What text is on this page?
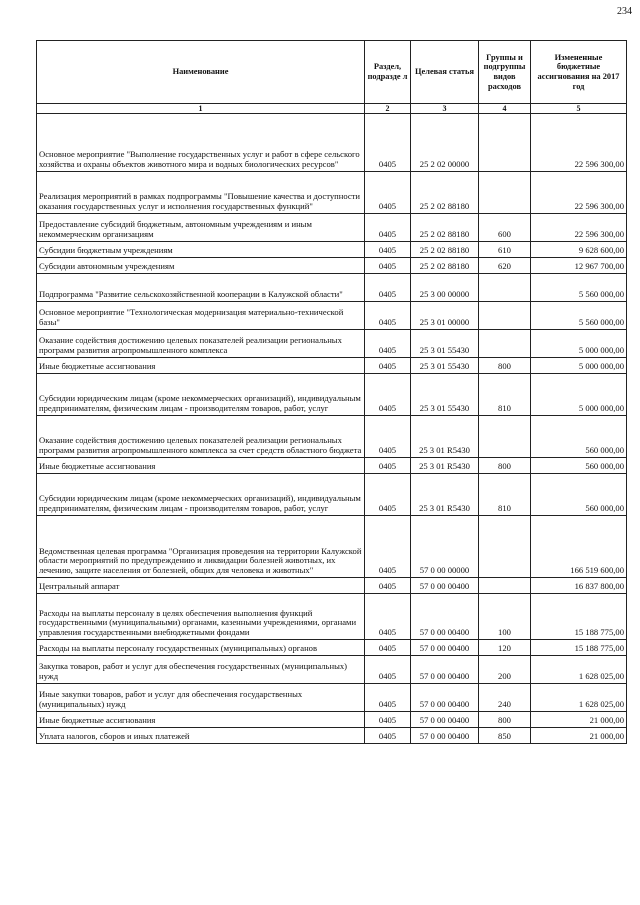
234
Наименование	Раздел, подразде л	Целевая статья	Группы и подгруппы видов расходов	Измененные бюджетные ассигнования на 2017 год
1	2	3	4	5
Основное мероприятие "Выполнение государственных услуг и работ в сфере сельского хозяйства и охраны объектов животного мира и водных биологических ресурсов"	0405	25 2 02 00000		22 596 300,00
Реализация мероприятий в рамках подпрограммы "Повышение качества и доступности оказания государственных услуг и исполнения государственных функций"	0405	25 2 02 88180		22 596 300,00
Предоставление субсидий бюджетным, автономным учреждениям и иным некоммерческим организациям	0405	25 2 02 88180	600	22 596 300,00
Субсидии бюджетным учреждениям	0405	25 2 02 88180	610	9 628 600,00
Субсидии автономным учреждениям	0405	25 2 02 88180	620	12 967 700,00
Подпрограмма "Развитие сельскохозяйственной кооперации в Калужской области"	0405	25 3 00 00000		5 560 000,00
Основное мероприятие "Технологическая модернизация материально-технической базы"	0405	25 3 01 00000		5 560 000,00
Оказание содействия достижению целевых показателей реализации региональных программ развития агропромышленного комплекса	0405	25 3 01 55430		5 000 000,00
Иные бюджетные ассигнования	0405	25 3 01 55430	800	5 000 000,00
Субсидии юридическим лицам (кроме некоммерческих организаций), индивидуальным предпринимателям, физическим лицам - производителям товаров, работ, услуг	0405	25 3 01 55430	810	5 000 000,00
Оказание содействия достижению целевых показателей реализации региональных программ развития агропромышленного комплекса за счет средств областного бюджета	0405	25 3 01 R5430		560 000,00
Иные бюджетные ассигнования	0405	25 3 01 R5430	800	560 000,00
Субсидии юридическим лицам (кроме некоммерческих организаций), индивидуальным предпринимателям, физическим лицам - производителям товаров, работ, услуг	0405	25 3 01 R5430	810	560 000,00
Ведомственная целевая программа "Организация проведения на территории Калужской области мероприятий по предупреждению и ликвидации болезней животных, их лечению, защите населения от болезней, общих для человека и животных"	0405	57 0 00 00000		166 519 600,00
Центральный аппарат	0405	57 0 00 00400		16 837 800,00
Расходы на выплаты персоналу в целях обеспечения выполнения функций государственными (муниципальными) органами, казенными учреждениями, органами управления государственными внебюджетными фондами	0405	57 0 00 00400	100	15 188 775,00
Расходы на выплаты персоналу государственных (муниципальных) органов	0405	57 0 00 00400	120	15 188 775,00
Закупка товаров, работ и услуг для обеспечения государственных (муниципальных) нужд	0405	57 0 00 00400	200	1 628 025,00
Иные закупки товаров, работ и услуг для обеспечения государственных (муниципальных) нужд	0405	57 0 00 00400	240	1 628 025,00
Иные бюджетные ассигнования	0405	57 0 00 00400	800	21 000,00
Уплата налогов, сборов и иных платежей	0405	57 0 00 00400	850	21 000,00
